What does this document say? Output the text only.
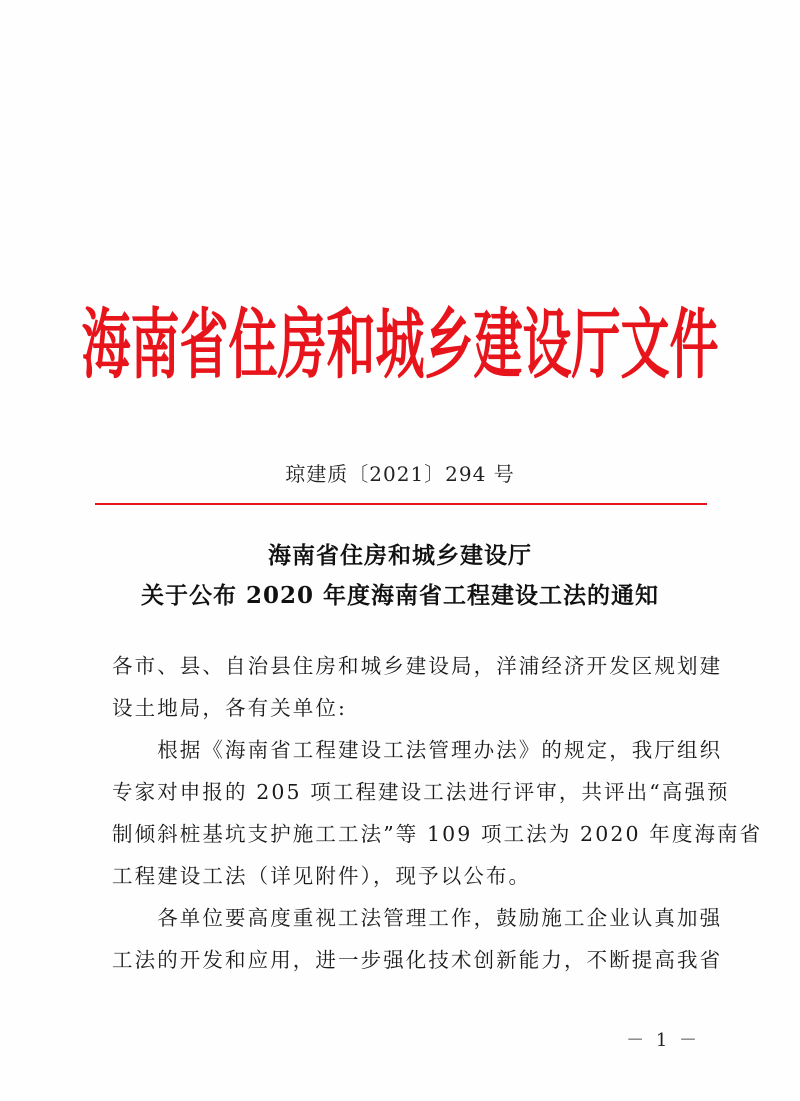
海南省住房和城乡建设厅文件
琼建质〔2021〕294 号
海南省住房和城乡建设厅
关于公布 2020 年度海南省工程建设工法的通知
各市、县、自治县住房和城乡建设局，洋浦经济开发区规划建
设土地局，各有关单位:
　　根据《海南省工程建设工法管理办法》的规定，我厅组织
专家对申报的 205 项工程建设工法进行评审，共评出“高强预
制倾斜桩基坑支护施工工法”等 109 项工法为 2020 年度海南省
工程建设工法（详见附件），现予以公布。
　　各单位要高度重视工法管理工作，鼓励施工企业认真加强
工法的开发和应用，进一步强化技术创新能力，不断提高我省
－ 1 －
